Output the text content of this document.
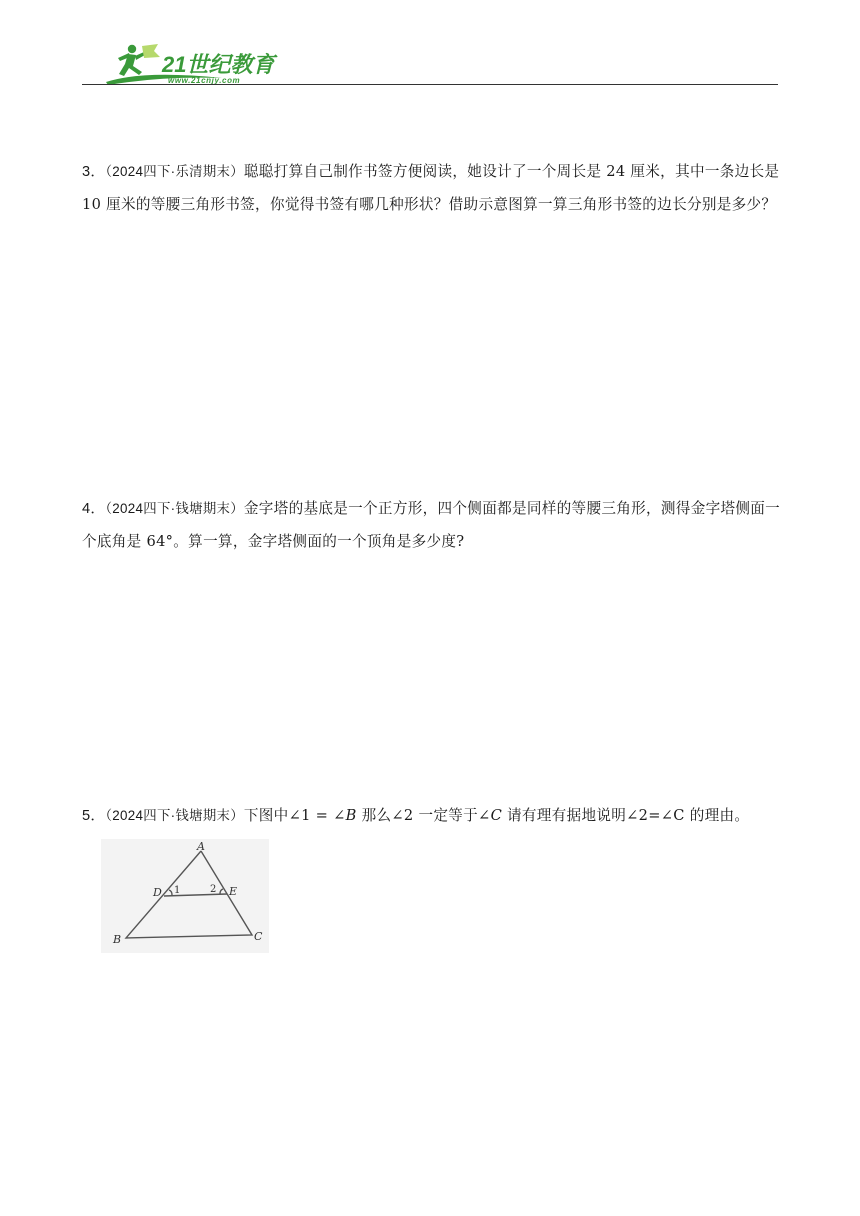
21世纪教育
www.21cnjy.com
3．（2024四下·乐清期末）聪聪打算自己制作书签方便阅读，她设计了一个周长是 24 厘米，其中一条边长是 10 厘米的等腰三角形书签，你觉得书签有哪几种形状？借助示意图算一算三角形书签的边长分别是多少？
4．（2024四下·钱塘期末）金字塔的基底是一个正方形，四个侧面都是同样的等腰三角形，测得金字塔侧面一个底角是 64°。算一算，金字塔侧面的一个顶角是多少度?
5．（2024四下·钱塘期末）下图中∠1 = ∠B 那么∠2 一定等于∠C 请有理有据地说明∠2=∠C 的理由。
A
B	C
D	E
1	2
